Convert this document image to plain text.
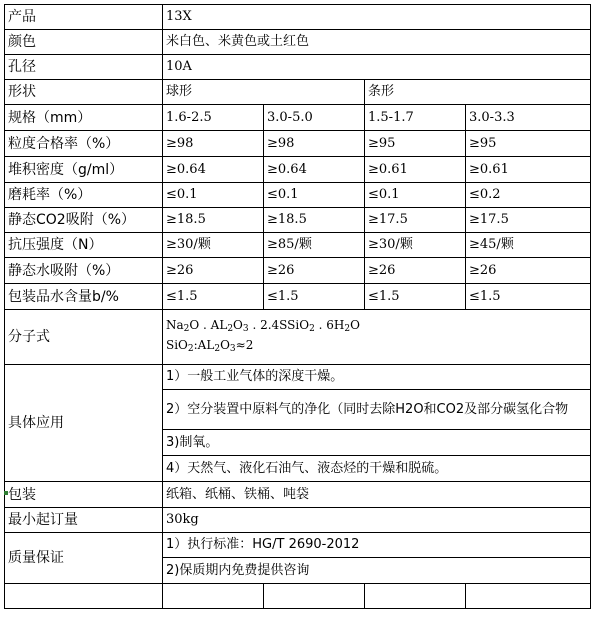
产品	13X			
颜色	米白色、米黄色或土红色			
孔径	10A			
形状	球形		条形	
规格（mm）	1.6-2.5	3.0-5.0	1.5-1.7	3.0-3.3
粒度合格率（%）	≥98	≥98	≥95	≥95
堆积密度（g/ml）	≥0.64	≥0.64	≥0.61	≥0.61
磨耗率（%）	≤0.1	≤0.1	≤0.1	≤0.2
静态CO2吸附（%）	≥18.5	≥18.5	≥17.5	≥17.5
抗压强度（N）	≥30/颗	≥85/颗	≥30/颗	≥45/颗
静态水吸附（%）	≥26	≥26	≥26	≥26
包装品水含量b/%	≤1.5	≤1.5	≤1.5	≤1.5
分子式	$Na_2O$ . $AL_2O_3$ . 2.4SSiO$_2$ . $6H_2O$
$SiO_2:AL_2O_3\approx 2$			

具体应用	1）一般工业气体的深度干燥。			
	2）空分装置中原料气的净化（同时去除H2O和CO2及部分碳氢化合物			
	3)制氧。			
	4）天然气、液化石油气、液态烃的干燥和脱硫。			
包装	纸箱、纸桶、铁桶、吨袋			
最小起订量	30kg			
质量保证	1）执行标准：HG/T 2690-2012			
	2)保质期内免费提供咨询			
